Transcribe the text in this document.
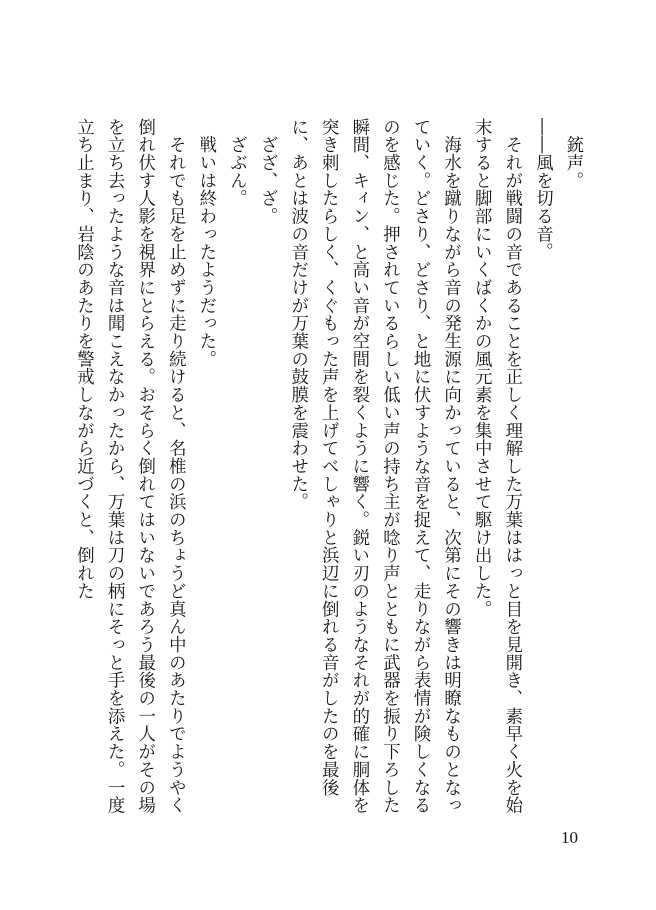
　銃声。

――風を切る音。

　それが戦闘の音であることを正しく理解した万葉ははっと目を見開き、素早く火を始末すると脚部にいくばくかの風元素を集中させて駆け出した。

　海水を蹴りながら音の発生源に向かっていると、次第にその響きは明瞭なものとなっていく。どさり、どさり、と地に伏すような音を捉えて、走りながら表情が険しくなるのを感じた。押されているらしい低い声の持ち主が唸り声とともに武器を振り下ろした瞬間、キィン、と高い音が空間を裂くように響く。鋭い刃のようなそれが的確に胴体を突き刺したらしく、くぐもった声を上げてべしゃりと浜辺に倒れる音がしたのを最後に、あとは波の音だけが万葉の鼓膜を震わせた。

　ざざ、ざ。

　ざぶん。

　戦いは終わったようだった。

　それでも足を止めずに走り続けると、名椎の浜のちょうど真ん中のあたりでようやく倒れ伏す人影を視界にとらえる。おそらく倒れてはいないであろう最後の一人がその場を立ち去ったような音は聞こえなかったから、万葉は刀の柄にそっと手を添えた。一度立ち止まり、岩陰のあたりを警戒しながら近づくと、倒れた

10
